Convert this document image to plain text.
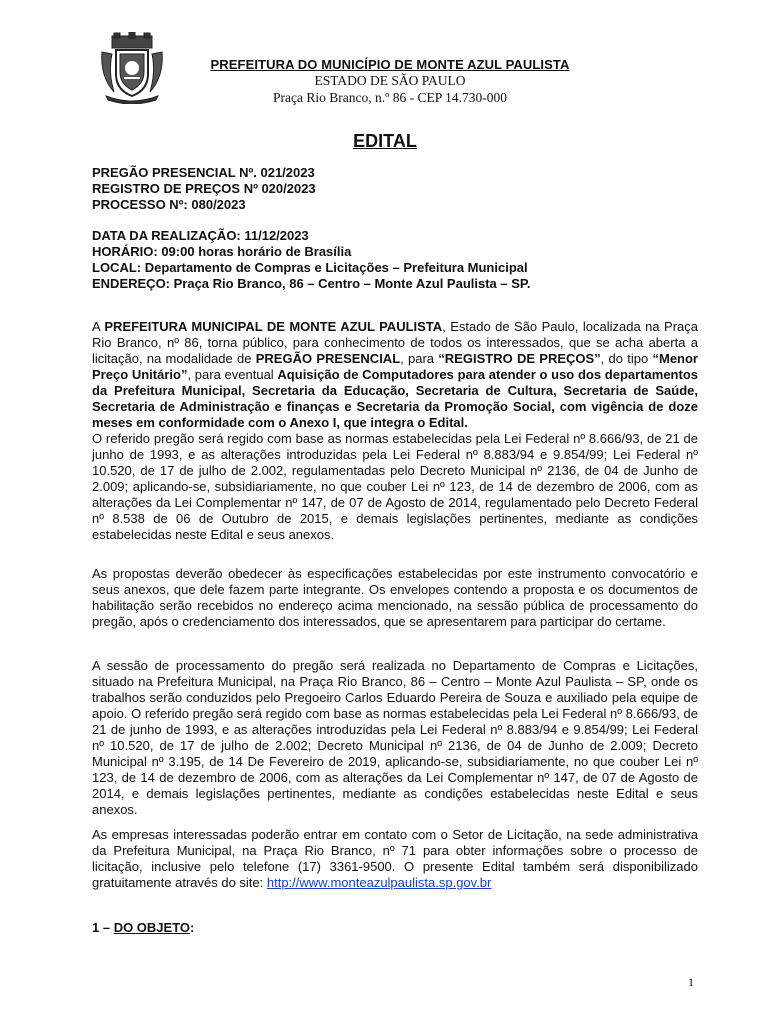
PREFEITURA DO MUNICÍPIO DE MONTE AZUL PAULISTA
ESTADO DE SÃO PAULO
Praça Rio Branco, n.º 86 - CEP 14.730-000
EDITAL
PREGÃO PRESENCIAL Nº. 021/2023
REGISTRO DE PREÇOS Nº 020/2023
PROCESSO Nº: 080/2023
DATA DA REALIZAÇÃO: 11/12/2023
HORÁRIO: 09:00 horas horário de Brasília
LOCAL: Departamento de Compras e Licitações – Prefeitura Municipal
ENDEREÇO: Praça Rio Branco, 86 – Centro – Monte Azul Paulista – SP.
A PREFEITURA MUNICIPAL DE MONTE AZUL PAULISTA, Estado de São Paulo, localizada na Praça Rio Branco, nº 86, torna público, para conhecimento de todos os interessados, que se acha aberta a licitação, na modalidade de PREGÃO PRESENCIAL, para “REGISTRO DE PREÇOS”, do tipo “Menor Preço Unitário”, para eventual Aquisição de Computadores para atender o uso dos departamentos da Prefeitura Municipal, Secretaria da Educação, Secretaria de Cultura, Secretaria de Saúde, Secretaria de Administração e finanças e Secretaria da Promoção Social, com vigência de doze meses em conformidade com o Anexo I, que integra o Edital.
O referido pregão será regido com base as normas estabelecidas pela Lei Federal nº 8.666/93, de 21 de junho de 1993, e as alterações introduzidas pela Lei Federal nº 8.883/94 e 9.854/99; Lei Federal nº 10.520, de 17 de julho de 2.002, regulamentadas pelo Decreto Municipal nº 2136, de 04 de Junho de 2.009; aplicando-se, subsidiariamente, no que couber Lei nº 123, de 14 de dezembro de 2006, com as alterações da Lei Complementar nº 147, de 07 de Agosto de 2014, regulamentado pelo Decreto Federal nº 8.538 de 06 de Outubro de 2015, e demais legislações pertinentes, mediante as condições estabelecidas neste Edital e seus anexos.
As propostas deverão obedecer às especificações estabelecidas por este instrumento convocatório e seus anexos, que dele fazem parte integrante. Os envelopes contendo a proposta e os documentos de habilitação serão recebidos no endereço acima mencionado, na sessão pública de processamento do pregão, após o credenciamento dos interessados, que se apresentarem para participar do certame.
A sessão de processamento do pregão será realizada no Departamento de Compras e Licitações, situado na Prefeitura Municipal, na Praça Rio Branco, 86 – Centro – Monte Azul Paulista – SP, onde os trabalhos serão conduzidos pelo Pregoeiro Carlos Eduardo Pereira de Souza e auxiliado pela equipe de apoio. O referido pregão será regido com base as normas estabelecidas pela Lei Federal nº 8.666/93, de 21 de junho de 1993, e as alterações introduzidas pela Lei Federal nº 8.883/94 e 9.854/99; Lei Federal nº 10.520, de 17 de julho de 2.002; Decreto Municipal nº 2136, de 04 de Junho de 2.009; Decreto Municipal nº 3.195, de 14 De Fevereiro de 2019, aplicando-se, subsidiariamente, no que couber Lei nº 123, de 14 de dezembro de 2006, com as alterações da Lei Complementar nº 147, de 07 de Agosto de 2014, e demais legislações pertinentes, mediante as condições estabelecidas neste Edital e seus anexos.
As empresas interessadas poderão entrar em contato com o Setor de Licitação, na sede administrativa da Prefeitura Municipal, na Praça Rio Branco, nº 71 para obter informações sobre o processo de licitação, inclusive pelo telefone (17) 3361-9500. O presente Edital também será disponibilizado gratuitamente através do site: http://www.monteazulpaulista.sp.gov.br
1 – DO OBJETO:
1
